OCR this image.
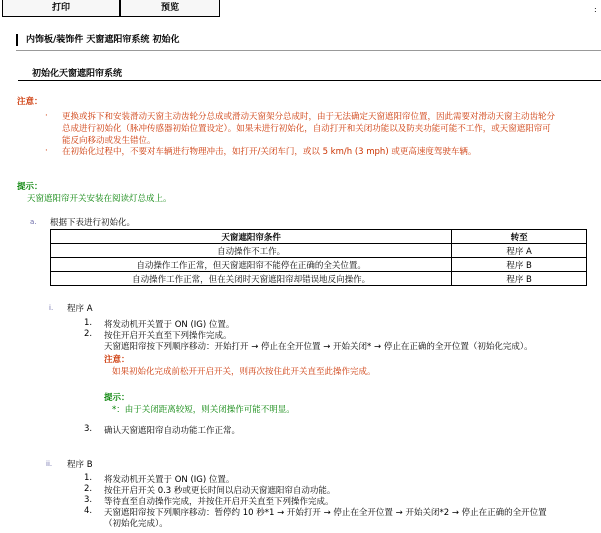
打印	预览	:
内饰板/装饰件 天窗遮阳帘系统 初始化
初始化天窗遮阳帘系统
注意：
· 更换或拆下和安装滑动天窗主动齿轮分总成或滑动天窗架分总成时，由于无法确定天窗遮阳帘位置，因此需要对滑动天窗主动齿轮分
总成进行初始化（脉冲传感器初始位置设定）。如果未进行初始化，自动打开和关闭功能以及防夹功能可能不工作，或天窗遮阳帘可
能反向移动或发生错位。
· 在初始化过程中，不要对车辆进行物理冲击，如打开/关闭车门，或以 5 km/h (3 mph) 或更高速度驾驶车辆。
提示：
天窗遮阳帘开关安装在阅读灯总成上。
a. 根据下表进行初始化。
天窗遮阳帘条件	转至
自动操作不工作。	程序 A
自动操作工作正常，但天窗遮阳帘不能停在正确的全关位置。	程序 B
自动操作工作正常，但在关闭时天窗遮阳帘却错误地反向操作。	程序 B
i. 程序 A
1. 将发动机开关置于 ON (IG) 位置。
2. 按住开启开关直至下列操作完成。
天窗遮阳帘按下列顺序移动：开始打开 → 停止在全开位置 → 开始关闭* → 停止在正确的全开位置（初始化完成）。
注意：
如果初始化完成前松开开启开关，则再次按住此开关直至此操作完成。
提示：
*：由于关闭距离较短，则关闭操作可能不明显。
3. 确认天窗遮阳帘自动功能工作正常。
ii. 程序 B
1. 将发动机开关置于 ON (IG) 位置。
2. 按住开启开关 0.3 秒或更长时间以启动天窗遮阳帘自动功能。
3. 等待直至自动操作完成，并按住开启开关直至下列操作完成。
4. 天窗遮阳帘按下列顺序移动：暂停约 10 秒*1 → 开始打开 → 停止在全开位置 → 开始关闭*2 → 停止在正确的全开位置
（初始化完成）。
